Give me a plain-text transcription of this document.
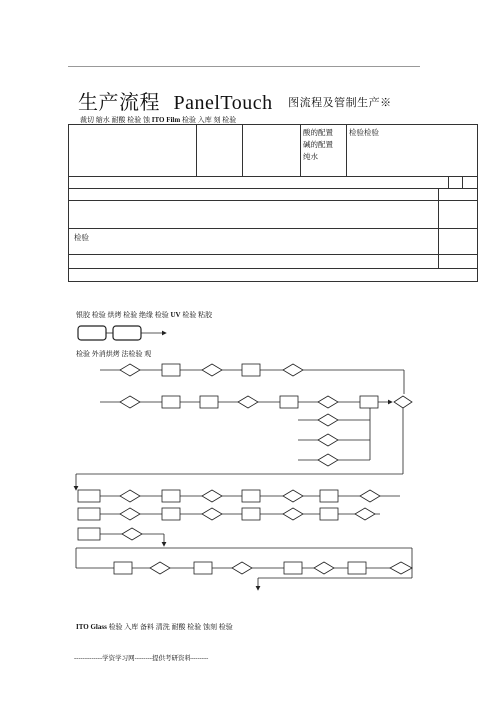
生产流程 PanelTouch 图流程及管制生产※
裁切 缩水 耐酸 检验 蚀 ITO Film 检验 入库 刻 检验
酸的配置
碱的配置
纯水
检验检验
检验
银胶 检验 烘烤 检验 绝缘 检验 UV 检验 粘胶
检验 外消烘烤 法检验 观
ITO Glass 检验 入库 备料 清洗 耐酸 检验 蚀刻 检验
-------------学资学习网--------提供考研资料--------
